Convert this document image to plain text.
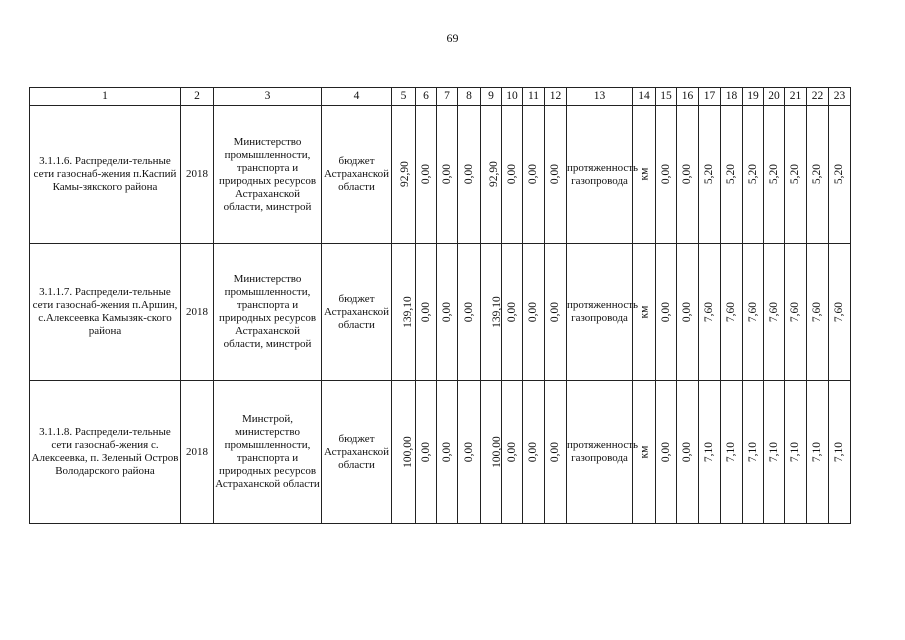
69
1	2	3	4	5	6	7	8	9	10	11	12	13	14	15	16	17	18	19	20	21	22	23
3.1.1.6. Распредели-тельные сети газоснаб-жения п.Каспий Камы-зякского района	2018	Министерство промышленности, транспорта и природных ресурсов Астраханской области, минстрой	бюджет Астраханской области	92,90	0,00	0,00	0,00	92,90	0,00	0,00	0,00	протяженность газопровода	км	0,00	0,00	5,20	5,20	5,20	5,20	5,20	5,20	5,20
3.1.1.7. Распредели-тельные сети газоснаб-жения п.Аршин, с.Алексеевка Камызяк-ского района	2018	Министерство промышленности, транспорта и природных ресурсов Астраханской области, минстрой	бюджет Астраханской области	139,10	0,00	0,00	0,00	139,10	0,00	0,00	0,00	протяженность газопровода	км	0,00	0,00	7,60	7,60	7,60	7,60	7,60	7,60	7,60
3.1.1.8. Распредели-тельные сети газоснаб-жения с. Алексеевка, п. Зеленый Остров Володарского района	2018	Минстрой, министерство промышленности, транспорта и природных ресурсов Астраханской области	бюджет Астраханской области	100,00	0,00	0,00	0,00	100,00	0,00	0,00	0,00	протяженность газопровода	км	0,00	0,00	7,10	7,10	7,10	7,10	7,10	7,10	7,10
